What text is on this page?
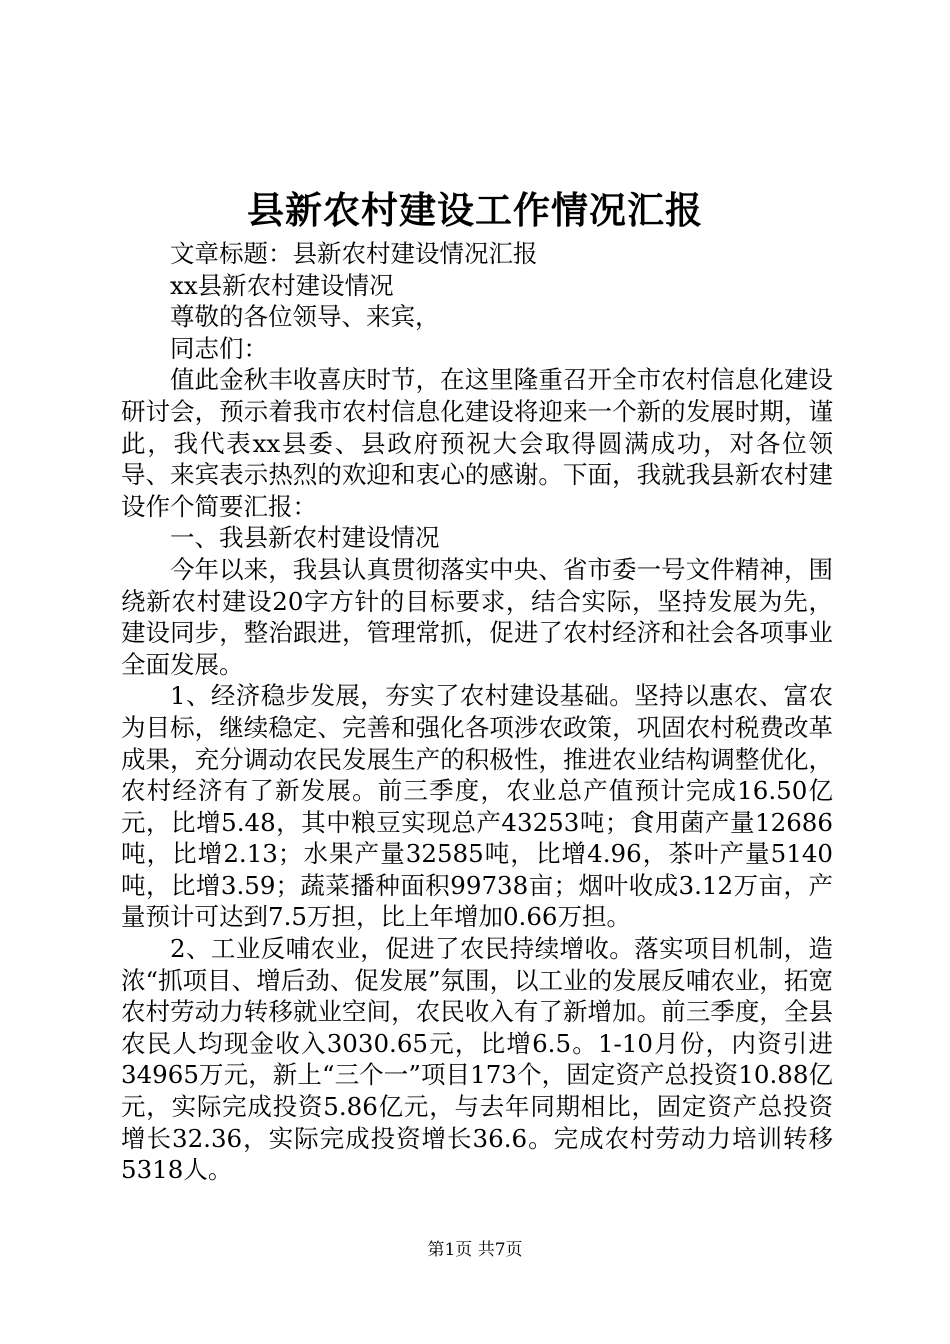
县新农村建设工作情况汇报

文章标题：县新农村建设情况汇报

xx县新农村建设情况

尊敬的各位领导、来宾，

同志们：

值此金秋丰收喜庆时节，在这里隆重召开全市农村信息化建设研讨会，预示着我市农村信息化建设将迎来一个新的发展时期，谨此，我代表xx县委、县政府预祝大会取得圆满成功，对各位领导、来宾表示热烈的欢迎和衷心的感谢。下面，我就我县新农村建设作个简要汇报：

一、我县新农村建设情况

今年以来，我县认真贯彻落实中央、省市委一号文件精神，围绕新农村建设20字方针的目标要求，结合实际，坚持发展为先，建设同步，整治跟进，管理常抓，促进了农村经济和社会各项事业全面发展。

1、经济稳步发展，夯实了农村建设基础。坚持以惠农、富农为目标，继续稳定、完善和强化各项涉农政策，巩固农村税费改革成果，充分调动农民发展生产的积极性，推进农业结构调整优化，农村经济有了新发展。前三季度，农业总产值预计完成16.50亿元，比增5.48，其中粮豆实现总产43253吨；食用菌产量12686吨，比增2.13；水果产量32585吨，比增4.96，茶叶产量5140吨，比增3.59；蔬菜播种面积99738亩；烟叶收成3.12万亩，产量预计可达到7.5万担，比上年增加0.66万担。

2、工业反哺农业，促进了农民持续增收。落实项目机制，造浓“抓项目、增后劲、促发展”氛围，以工业的发展反哺农业，拓宽农村劳动力转移就业空间，农民收入有了新增加。前三季度，全县农民人均现金收入3030.65元，比增6.5。1-10月份，内资引进34965万元，新上“三个一”项目173个，固定资产总投资10.88亿元，实际完成投资5.86亿元，与去年同期相比，固定资产总投资增长32.36，实际完成投资增长36.6。完成农村劳动力培训转移5318人。

第1页 共7页
